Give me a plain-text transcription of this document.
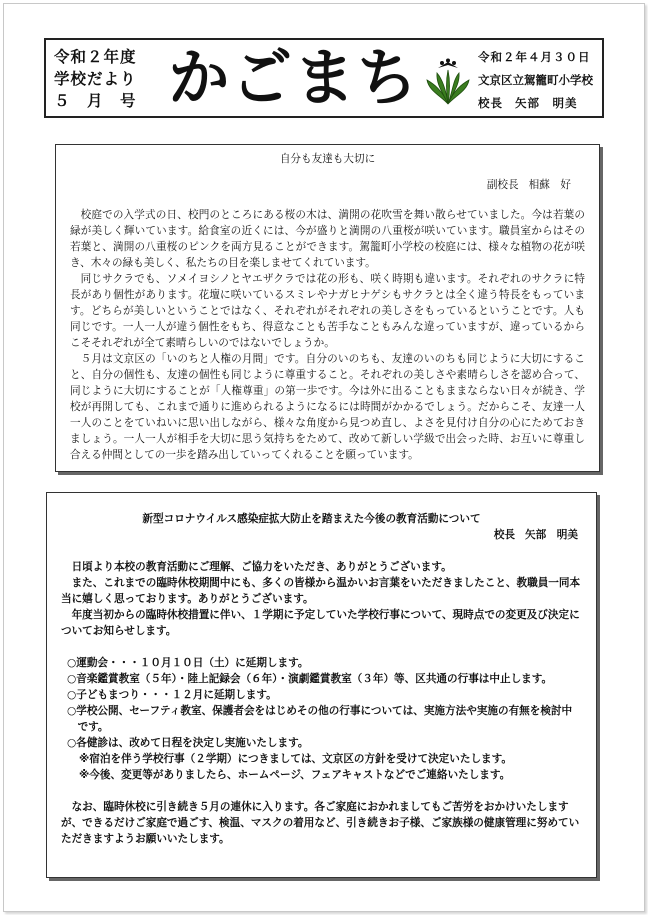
令和２年度
学校だより
５　月　号 かごまち	令和２年４月３０日
文京区立駕籠町小学校
校長 矢部　明美
自分も友達も大切に
副校長 相蘇　好

校庭での入学式の日、校門のところにある桜の木は、満開の花吹雪を舞い散らせていました。今は若葉の緑が美しく輝いています。給食室の近くには、今が盛りと満開の八重桜が咲いています。職員室からはその若葉と、満開の八重桜のピンクを両方見ることができます。駕籠町小学校の校庭には、様々な植物の花が咲き、木々の緑も美しく、私たちの目を楽しませてくれています。

同じサクラでも、ソメイヨシノとヤエザクラでは花の形も、咲く時期も違います。それぞれのサクラに特長があり個性があります。花壇に咲いているスミレやナガヒナゲシもサクラとは全く違う特長をもっています。どちらが美しいということではなく、それぞれがそれぞれの美しさをもっているということです。人も同じです。一人一人が違う個性をもち、得意なことも苦手なこともみんな違っていますが、違っているからこそそれぞれが全て素晴らしいのではないでしょうか。

５月は文京区の「いのちと人権の月間」です。自分のいのちも、友達のいのちも同じように大切にすること、自分の個性も、友達の個性も同じように尊重すること。それぞれの美しさや素晴らしさを認め合って、同じように大切にすることが「人権尊重」の第一歩です。今は外に出ることもままならない日々が続き、学校が再開しても、これまで通りに進められるようになるには時間がかかるでしょう。だからこそ、友達一人一人のことをていねいに思い出しながら、様々な角度から見つめ直し、よさを見付け自分の心にためておきましょう。一人一人が相手を大切に思う気持ちをためて、改めて新しい学級で出会った時、お互いに尊重し合える仲間としての一歩を踏み出していってくれることを願っています。

新型コロナウイルス感染症拡大防止を踏まえた今後の教育活動について
校長 矢部　明美

日頃より本校の教育活動にご理解、ご協力をいただき、ありがとうございます。

また、これまでの臨時休校期間中にも、多くの皆様から温かいお言葉をいただきましたこと、教職員一同本当に嬉しく思っております。ありがとうございます。

年度当初からの臨時休校措置に伴い、１学期に予定していた学校行事について、現時点での変更及び決定についてお知らせします。

○運動会・・・１０月１０日（土）に延期します。
○音楽鑑賞教室（５年）・陸上記録会（６年）・演劇鑑賞教室（３年）等、区共通の行事は中止します。
○子どもまつり・・・１２月に延期します。
○学校公開、セーフティ教室、保護者会をはじめその他の行事については、実施方法や実施の有無を検討中です。
○各健診は、改めて日程を決定し実施いたします。
※宿泊を伴う学校行事（２学期）につきましては、文京区の方針を受けて決定いたします。
※今後、変更等がありましたら、ホームページ、フェアキャストなどでご連絡いたします。

なお、臨時休校に引き続き５月の連休に入ります。各ご家庭におかれましてもご苦労をおかけいたしますが、できるだけご家庭で過ごす、検温、マスクの着用など、引き続きお子様、ご家族様の健康管理に努めていただきますようお願いいたします。
